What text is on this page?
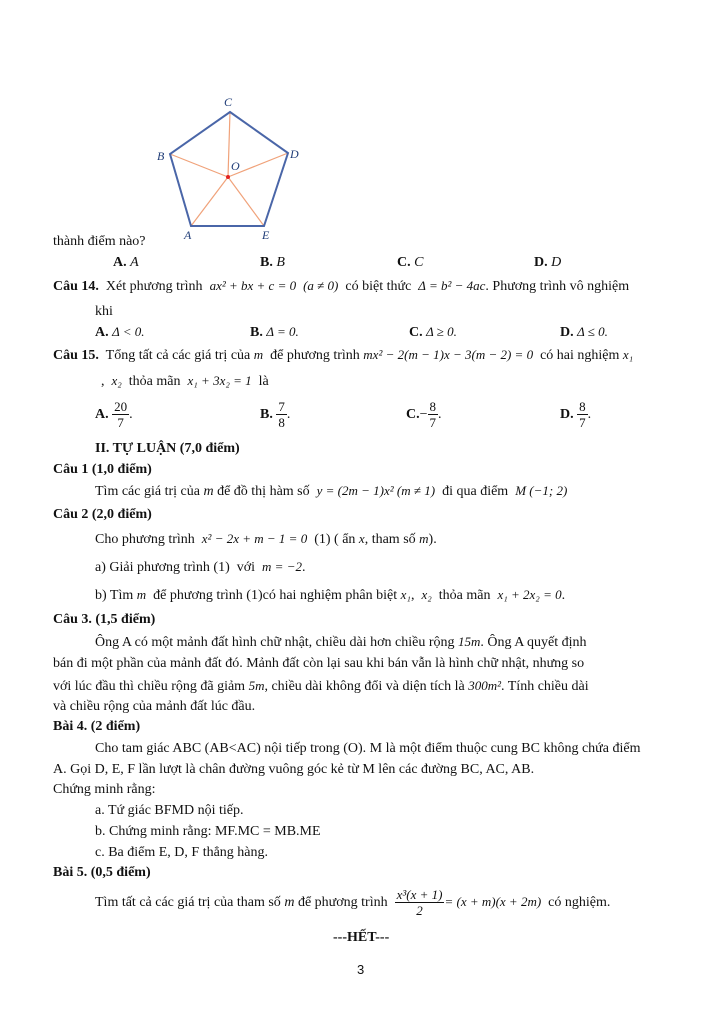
C
B	D
O
A	E
thành điểm nào?
A. A	B. B	C. C	D. D
Câu 14. Xét phương trình ax² + bx + c = 0 (a ≠ 0) có biệt thức Δ = b² − 4ac. Phương trình vô nghiệm
khi
A. Δ < 0.	B. Δ = 0.	C. Δ ≥ 0.	D. Δ ≤ 0.
Câu 15. Tổng tất cả các giá trị của m để phương trình mx² − 2(m − 1)x − 3(m − 2) = 0 có hai nghiệm x₁
, x₂ thỏa mãn x₁ + 3x₂ = 1 là
A. $\frac{20}{7}$ .	B. $\frac{7}{8}$ .	$C.- \frac{8}{7}$ .	D. $\frac{8}{7}$ .
II. TỰ LUẬN (7,0 điểm)
Câu 1 (1,0 điểm)
Tìm các giá trị của m để đồ thị hàm số y = (2m − 1)x² (m ≠ 1) đi qua điểm M (−1; 2)
Câu 2 (2,0 điểm)
Cho phương trình x² − 2x + m − 1 = 0 (1) ( ẩn x, tham số m).
a) Giải phương trình (1) với m = −2.
b) Tìm m để phương trình (1)có hai nghiệm phân biệt x₁, x₂ thỏa mãn x₁ + 2x₂ = 0.
Câu 3. (1,5 điểm)
Ông A có một mảnh đất hình chữ nhật, chiều dài hơn chiều rộng 15m. Ông A quyết định
bán đi một phần của mảnh đất đó. Mảnh đất còn lại sau khi bán vẫn là hình chữ nhật, nhưng so
với lúc đầu thì chiều rộng đã giảm 5m, chiều dài không đổi và diện tích là 300m². Tính chiều dài
và chiều rộng của mảnh đất lúc đầu.
Bài 4. (2 điểm)
Cho tam giác ABC (AB<AC) nội tiếp trong (O). M là một điểm thuộc cung BC không chứa điểm
A. Gọi D, E, F lần lượt là chân đường vuông góc kẻ từ M lên các đường BC, AC, AB.
Chứng minh rằng:
a. Tứ giác BFMD nội tiếp.
b. Chứng minh rằng: MF.MC = MB.ME
c. Ba điểm E, D, F thẳng hàng.
Bài 5. (0,5 điểm)
Tìm tất cả các giá trị của tham số m để phương trình $\frac{\text{x³(x + 1)}}{2} = (x + m)(x + 2m)$ có nghiệm.
---HẾT---
3
